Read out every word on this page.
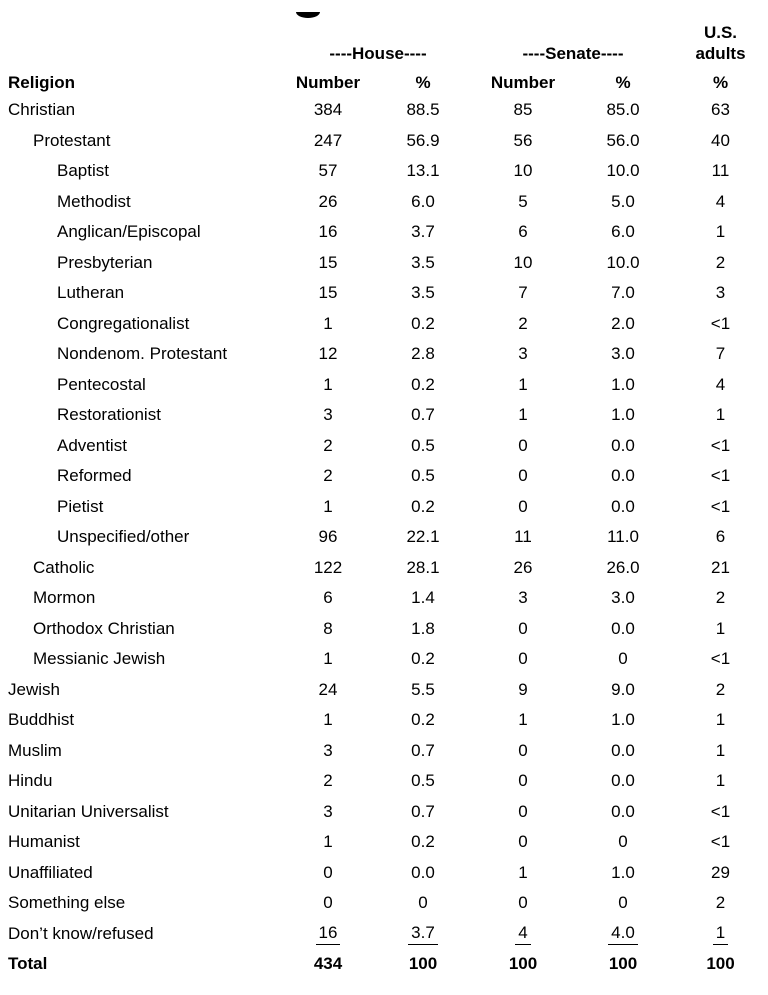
----House----	----Senate----
U.S.
adults
Religion	Number	%	Number	%	%
Christian	384	88.5	85	85.0	63
Protestant	247	56.9	56	56.0	40
Baptist	57	13.1	10	10.0	11
Methodist	26	6.0	5	5.0	4
Anglican/Episcopal	16	3.7	6	6.0	1
Presbyterian	15	3.5	10	10.0	2
Lutheran	15	3.5	7	7.0	3
Congregationalist	1	0.2	2	2.0	<1
Nondenom. Protestant	12	2.8	3	3.0	7
Pentecostal	1	0.2	1	1.0	4
Restorationist	3	0.7	1	1.0	1
Adventist	2	0.5	0	0.0	<1
Reformed	2	0.5	0	0.0	<1
Pietist	1	0.2	0	0.0	<1
Unspecified/other	96	22.1	11	11.0	6
Catholic	122	28.1	26	26.0	21
Mormon	6	1.4	3	3.0	2
Orthodox Christian	8	1.8	0	0.0	1
Messianic Jewish	1	0.2	0	0	<1
Jewish	24	5.5	9	9.0	2
Buddhist	1	0.2	1	1.0	1
Muslim	3	0.7	0	0.0	1
Hindu	2	0.5	0	0.0	1
Unitarian Universalist	3	0.7	0	0.0	<1
Humanist	1	0.2	0	0	<1
Unaffiliated	0	0.0	1	1.0	29
Something else	0	0	0	0	2
Don’t know/refused	16	3.7	4	4.0	1
Total	434	100	100	100	100
